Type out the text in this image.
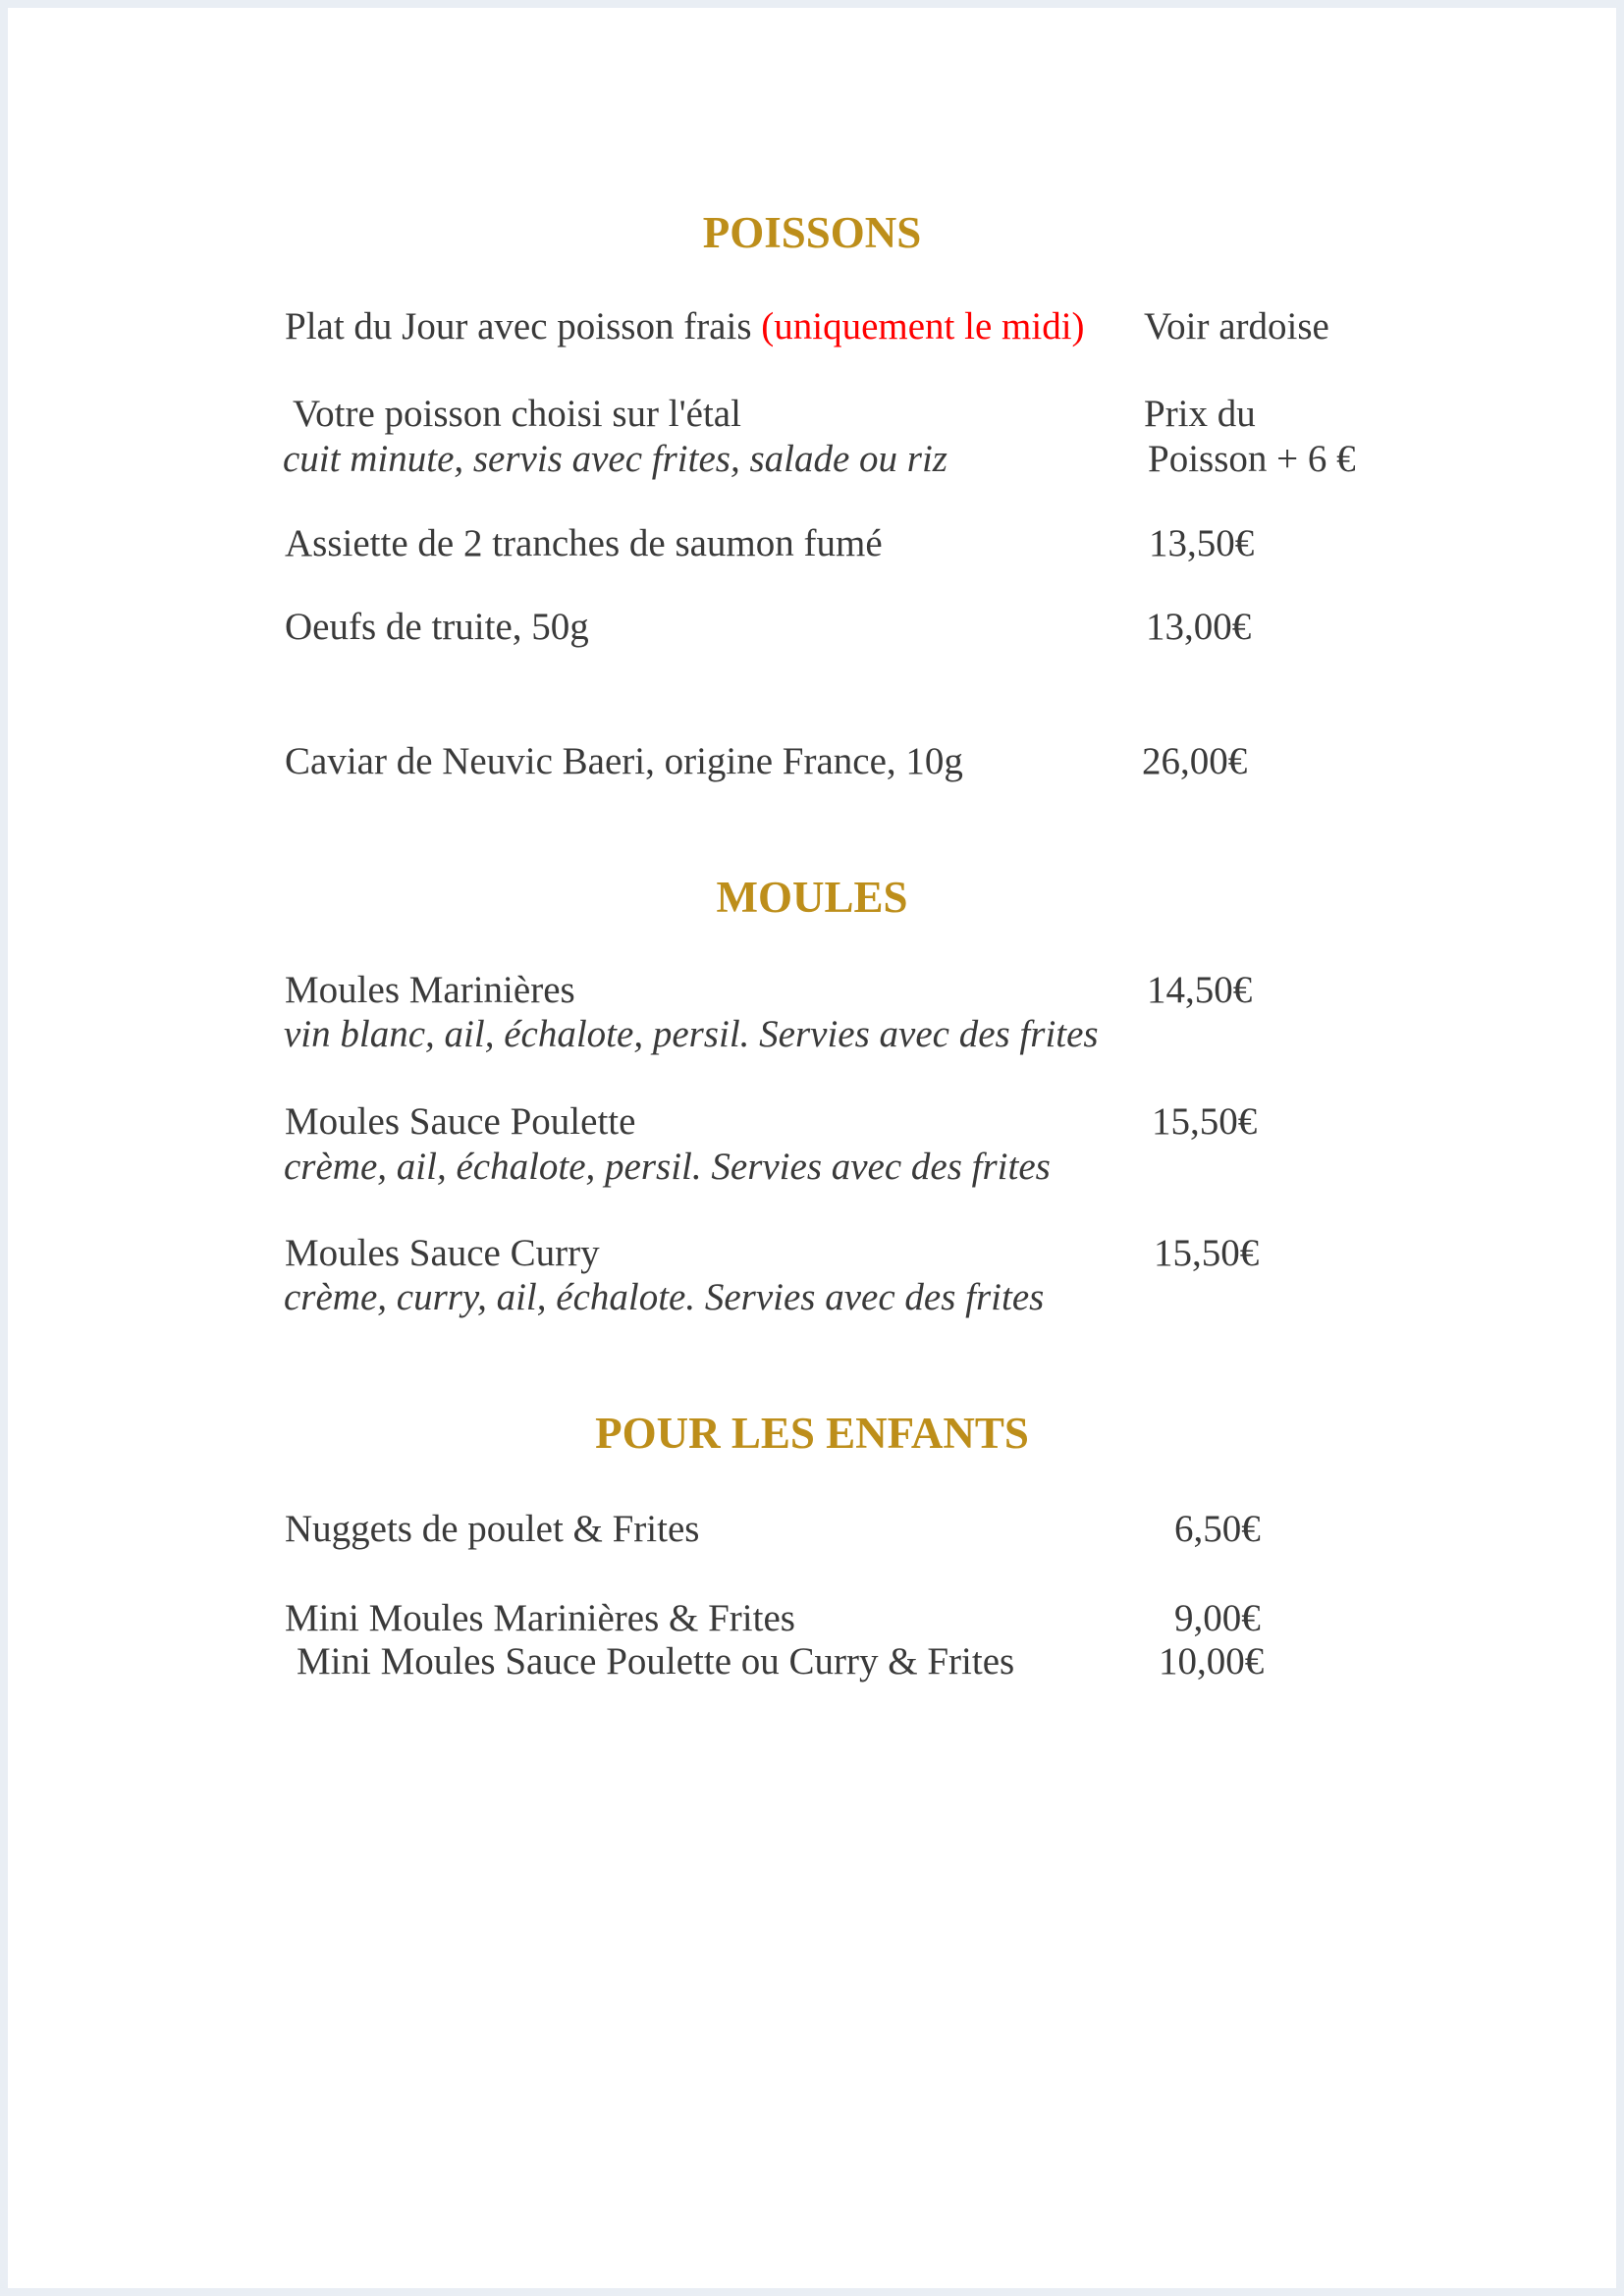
POISSONS
Plat du Jour avec poisson frais (uniquement le midi) Voir ardoise
Votre poisson choisi sur l'étal	Prix du
cuit minute, servis avec frites, salade ou riz	Poisson + 6 €
Assiette de 2 tranches de saumon fumé	13,50€
Oeufs de truite, 50g	13,00€
Caviar de Neuvic Baeri, origine France, 10g	26,00€
MOULES
Moules Marinières	14,50€
vin blanc, ail, échalote, persil. Servies avec des frites
Moules Sauce Poulette	15,50€
crème, ail, échalote, persil. Servies avec des frites
Moules Sauce Curry	15,50€
crème, curry, ail, échalote. Servies avec des frites
POUR LES ENFANTS
Nuggets de poulet & Frites	6,50€
Mini Moules Marinières & Frites	9,00€
Mini Moules Sauce Poulette ou Curry & Frites	10,00€
